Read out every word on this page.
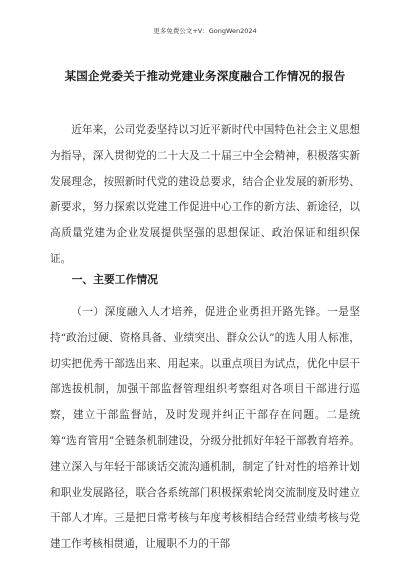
更多免费公文+V：GongWen2024
某国企党委关于推动党建业务深度融合工作情况的报告

近年来，公司党委坚持以习近平新时代中国特色社会主义思想为指导，深入贯彻党的二十大及二十届三中全会精神，积极落实新发展理念，按照新时代党的建设总要求，结合企业发展的新形势、新要求，努力探索以党建工作促进中心工作的新方法、新途径，以高质量党建为企业发展提供坚强的思想保证、政治保证和组织保证。

一、主要工作情况

（一）深度融入人才培养，促进企业勇担开路先锋。一是坚持“政治过硬、资格具备、业绩突出、群众公认”的选人用人标准，切实把优秀干部选出来、用起来。以重点项目为试点，优化中层干部选拔机制，加强干部监督管理组织考察组对各项目干部进行巡察，建立干部监督站，及时发现并纠正干部存在问题。二是统筹“选育管用”全链条机制建设，分级分批抓好年轻干部教育培养。建立深入与年轻干部谈话交流沟通机制，制定了针对性的培养计划和职业发展路径，联合各系统部门积极探索轮岗交流制度及时建立干部人才库。三是把日常考核与年度考核相结合经营业绩考核与党建工作考核相贯通，让履职不力的干部
